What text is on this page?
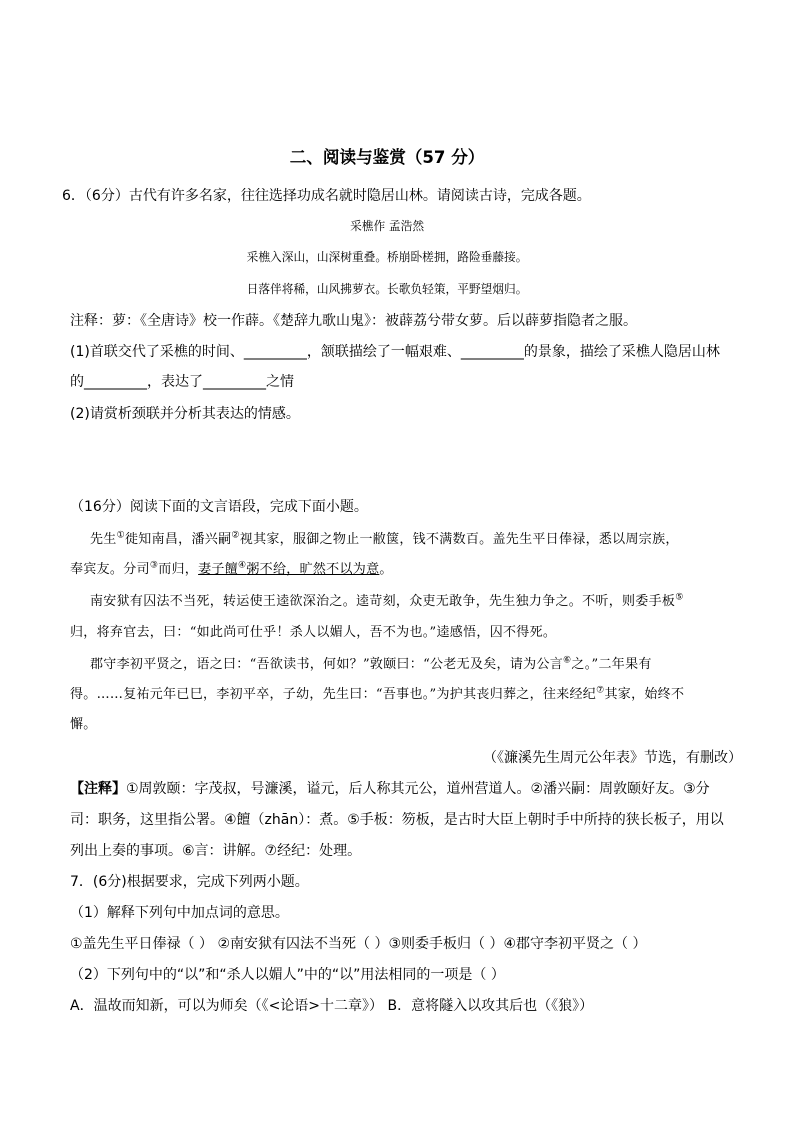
二、阅读与鉴赏（57 分）
6．（6分）古代有许多名家，往往选择功成名就时隐居山林。请阅读古诗，完成各题。
采樵作 孟浩然
采樵入深山，山深树重叠。桥崩卧槎拥，路险垂藤接。
日落伴将稀，山风拂萝衣。长歌负轻策，平野望烟归。
注释：萝：《全唐诗》校一作薜。《楚辞九歌山鬼》：被薜荔兮带女萝。后以薜萝指隐者之服。
(1)首联交代了采樵的时间、_________，颔联描绘了一幅艰难、_________的景象，描绘了采樵人隐居山林
的_________，表达了_________之情
(2)请赏析颈联并分析其表达的情感。
（16分）阅读下面的文言语段，完成下面小题。
先生①徙知南昌，潘兴嗣②视其家，服御之物止一敝箧，钱不满数百。盖先生平日俸禄，悉以周宗族，
奉宾友。分司③而归，妻子饘④粥不给，旷然不以为意。
南安狱有囚法不当死，转运使王逵欲深治之。逵苛刻，众吏无敢争，先生独力争之。不听，则委手板⑤
归，将弃官去，曰：“如此尚可仕乎！杀人以媚人，吾不为也。”逵感悟，囚不得死。
郡守李初平贤之，语之曰：“吾欲读书，何如？”敦颐曰：“公老无及矣，请为公言⑥之。”二年果有
得。……复祐元年已巳，李初平卒，子幼，先生曰：“吾事也。”为护其丧归葬之，往来经纪⑦其家，始终不
懈。
（《濂溪先生周元公年表》节选，有删改）
【注释】①周敦颐：字茂叔，号濂溪，谥元，后人称其元公，道州营道人。②潘兴嗣：周敦颐好友。③分
司：职务，这里指公署。④饘（zhān）：煮。⑤手板：笏板，是古时大臣上朝时手中所持的狭长板子，用以
列出上奏的事项。⑥言：讲解。⑦经纪：处理。
7．(6分)根据要求，完成下列两小题。
（1）解释下列句中加点词的意思。
①盖先生平日俸禄（ ） ②南安狱有囚法不当死（ ）③则委手板归（ ）④郡守李初平贤之（ ）
（2）下列句中的“以”和“杀人以媚人”中的“以”用法相同的一项是（ ）
A．温故而知新，可以为师矣（《<论语>十二章》） B．意将隧入以攻其后也（《狼》）
